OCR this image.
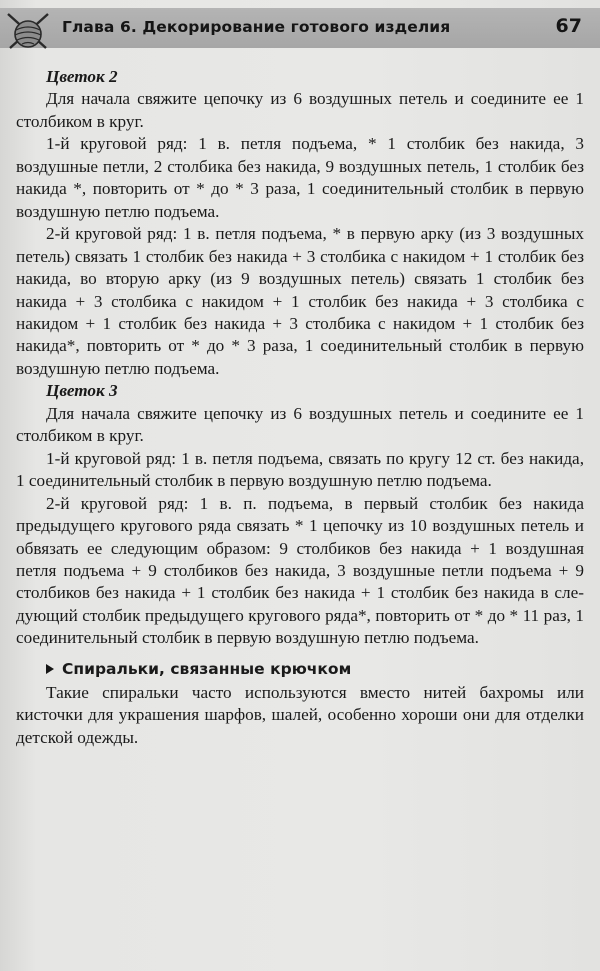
Глава 6. Декорирование готового изделия	67
Цветок 2

Для начала свяжите цепочку из 6 воздушных петель и соедините ее 1 столбиком в круг.

1-й круговой ряд: 1 в. петля подъема, * 1 столбик без накида, 3 воздушные петли, 2 столбика без накида, 9 воздушных петель, 1 столбик без накида *, повторить от * до * 3 раза, 1 соединительный столбик в первую воздушную петлю подъема.

2-й круговой ряд: 1 в. петля подъема, * в первую арку (из 3 воздушных петель) связать 1 столбик без накида + 3 столбика с накидом + 1 столбик без накида, во вторую арку (из 9 воздушных петель) связать 1 столбик без накида + 3 столбика с накидом + 1 столбик без накида + 3 столбика с накидом + 1 столбик без накида + 3 столбика с накидом + 1 столбик без накида*, повторить от * до * 3 раза, 1 соединительный столбик в первую воздушную петлю подъема.

Цветок 3

Для начала свяжите цепочку из 6 воздушных петель и соедините ее 1 столбиком в круг.

1-й круговой ряд: 1 в. петля подъема, связать по кругу 12 ст. без накида, 1 соединительный столбик в первую воздушную петлю подъема.

2-й круговой ряд: 1 в. п. подъема, в первый столбик без накида предыдущего кругового ряда связать * 1 цепочку из 10 воздушных петель и обвязать ее следующим образом: 9 столбиков без накида + 1 воздушная петля подъема + 9 столбиков без накида, 3 воздушные петли подъема + 9 столбиков без накида + 1 столбик без накида + 1 столбик без накида в следующий столбик предыдущего кругового ряда*, повторить от * до * 11 раз, 1 соединительный столбик в первую воздушную петлю подъема.

Спиральки, связанные крючком

Такие спиральки часто используются вместо нитей бахромы или кисточки для украшения шарфов, шалей, особенно хороши они для отделки детской одежды.
